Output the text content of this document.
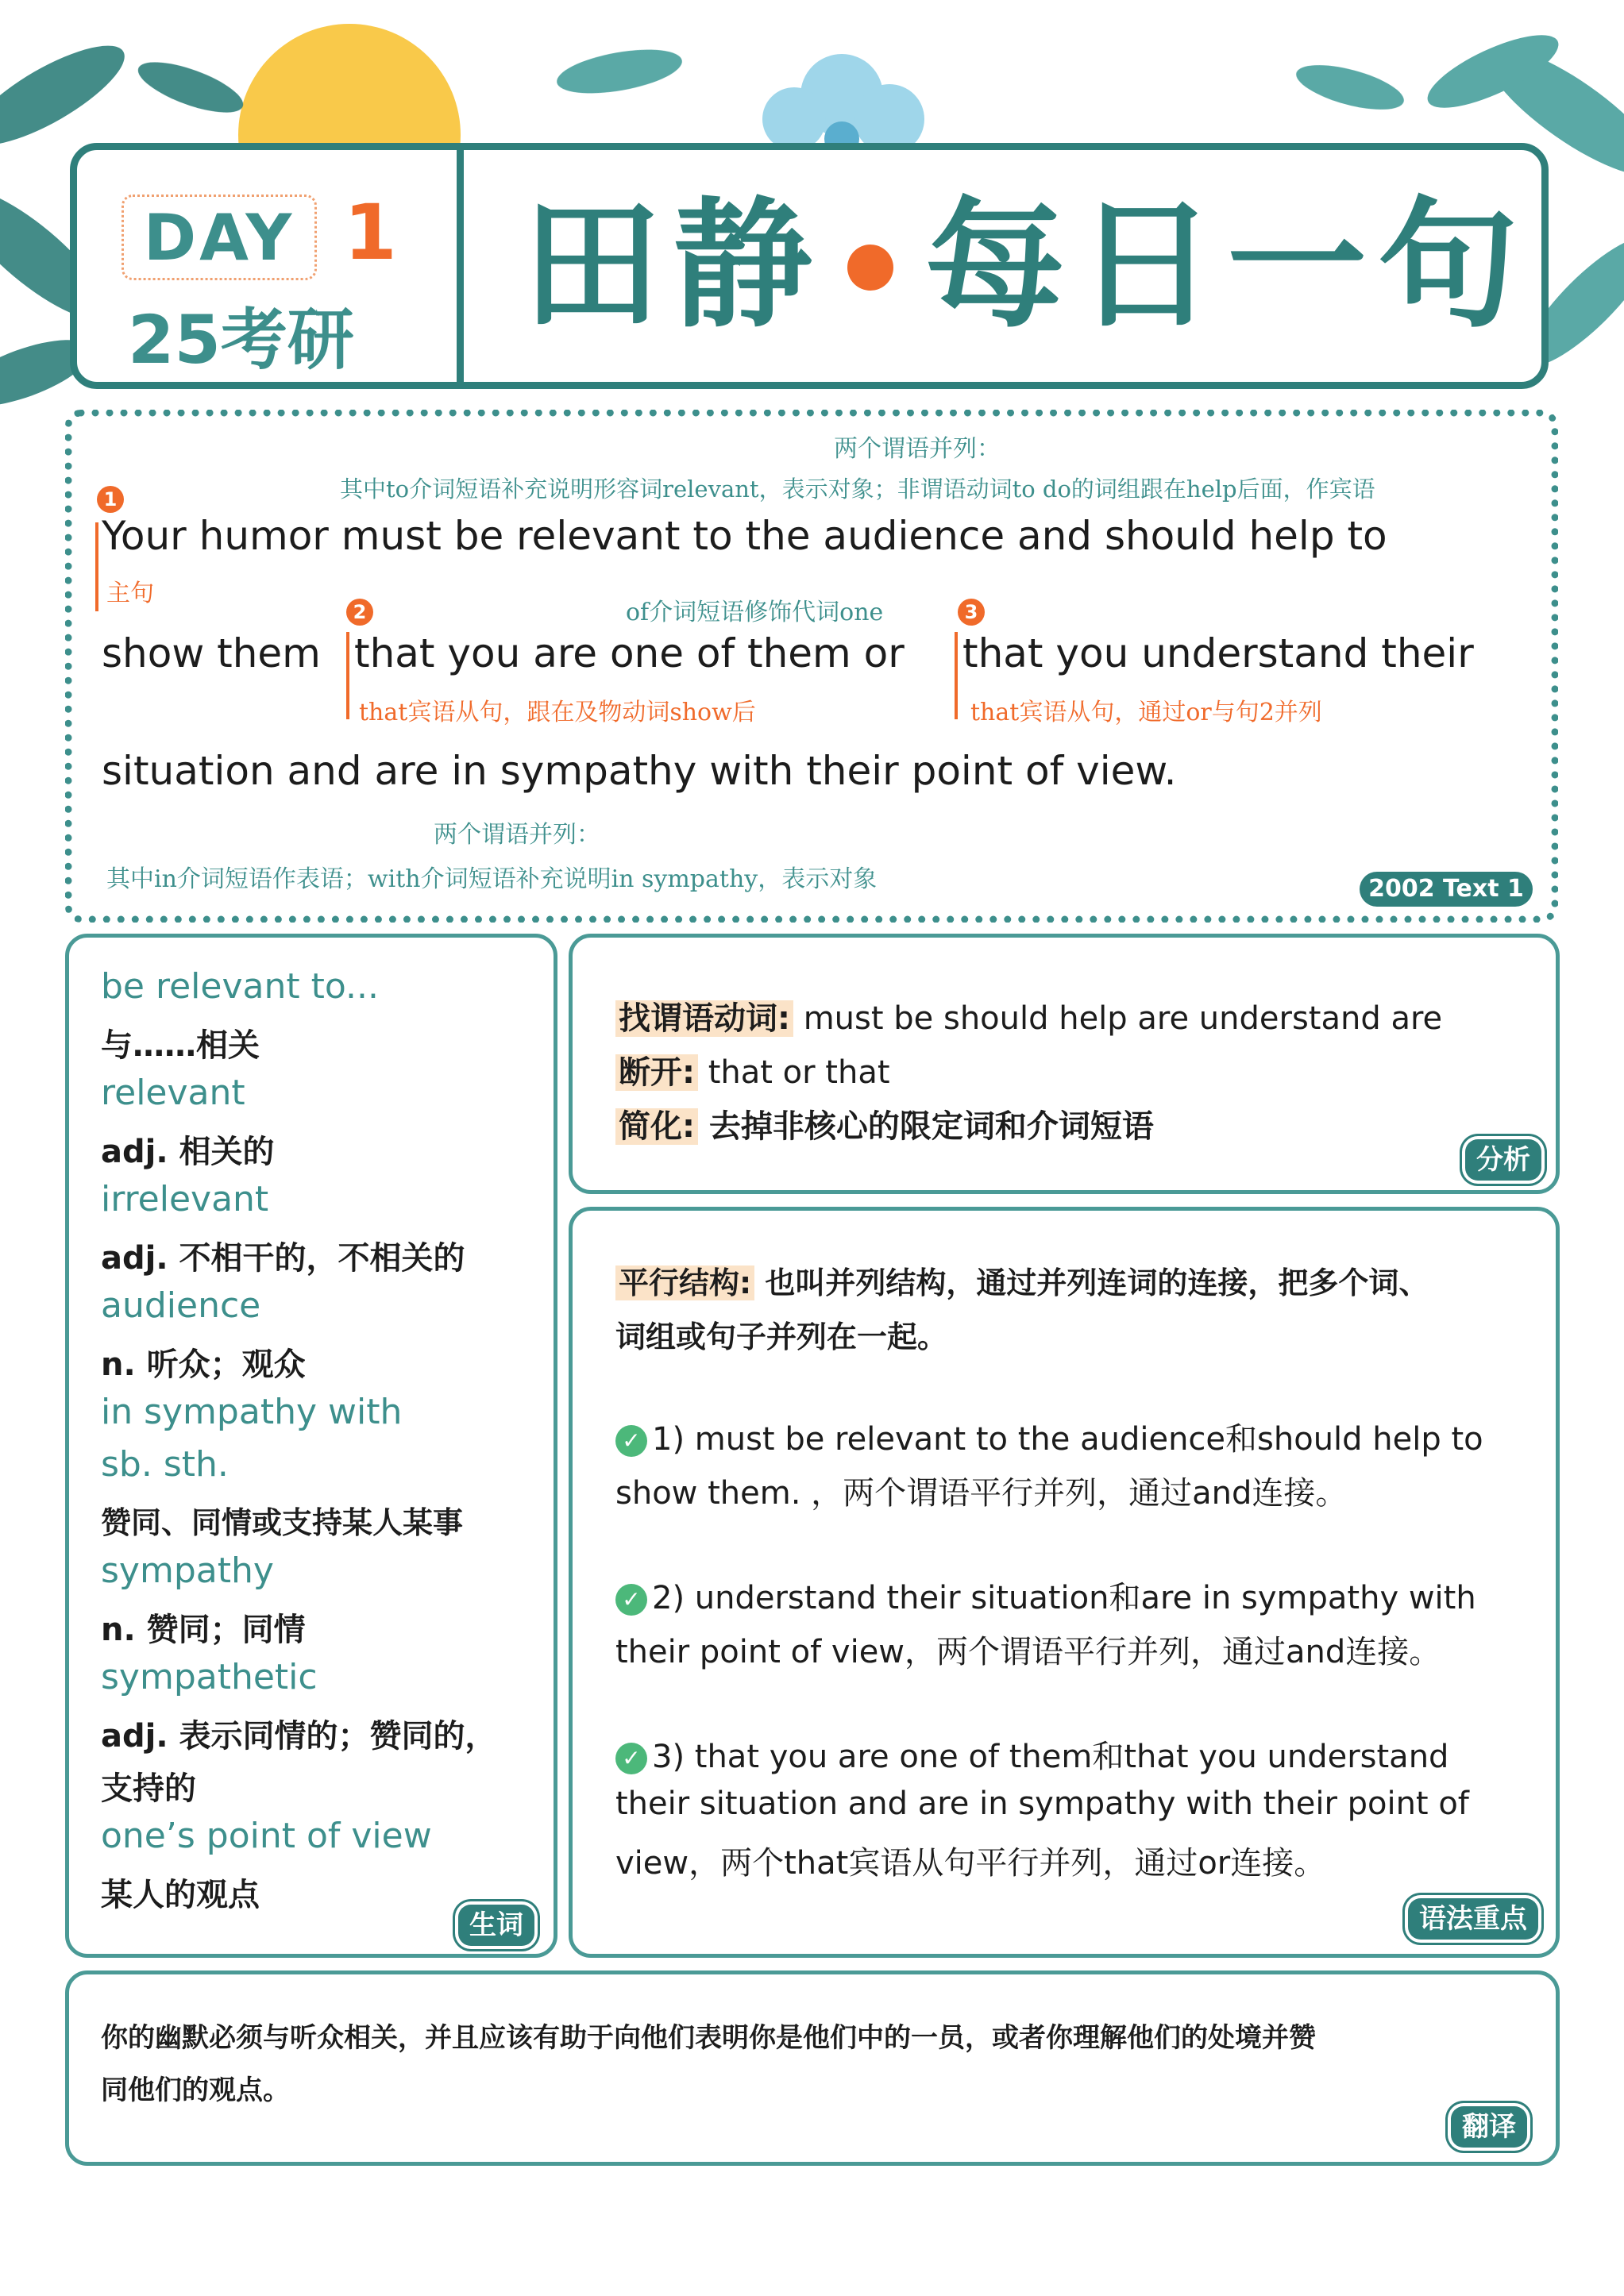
DAY 1
25考研 田静 每日一句
两个谓语并列：
其中to介词短语补充说明形容词relevant，表示对象；非谓语动词to do的词组跟在help后面，作宾语
1
Your humor must be relevant to the audience and should help to
主句
of介词短语修饰代词one
2	3
show them that you are one of them or that you understand their
that宾语从句，跟在及物动词show后	that宾语从句，通过or与句2并列
situation and are in sympathy with their point of view.
两个谓语并列：
其中in介词短语作表语；with介词短语补充说明in sympathy，表示对象	2002 Text 1
be relevant to...
与……相关
relevant
adj. 相关的
irrelevant
adj. 不相干的，不相关的
audience
n. 听众；观众
in sympathy with
sb. sth.
赞同、同情或支持某人某事
sympathy
n. 赞同；同情
sympathetic
adj. 表示同情的；赞同的，
支持的
one’s point of view
某人的观点
生词
找谓语动词: must be should help are understand are
断开: that or that
简化: 去掉非核心的限定词和介词短语
分析
平行结构: 也叫并列结构，通过并列连词的连接，把多个词、
词组或句子并列在一起。
✓ 1) must be relevant to the audience和should help to
show them. ，两个谓语平行并列，通过and连接。
✓ 2) understand their situation和are in sympathy with
their point of view，两个谓语平行并列，通过and连接。
✓ 3) that you are one of them和that you understand
their situation and are in sympathy with their point of
view，两个that宾语从句平行并列，通过or连接。
语法重点
你的幽默必须与听众相关，并且应该有助于向他们表明你是他们中的一员，或者你理解他们的处境并赞
同他们的观点。
翻译
